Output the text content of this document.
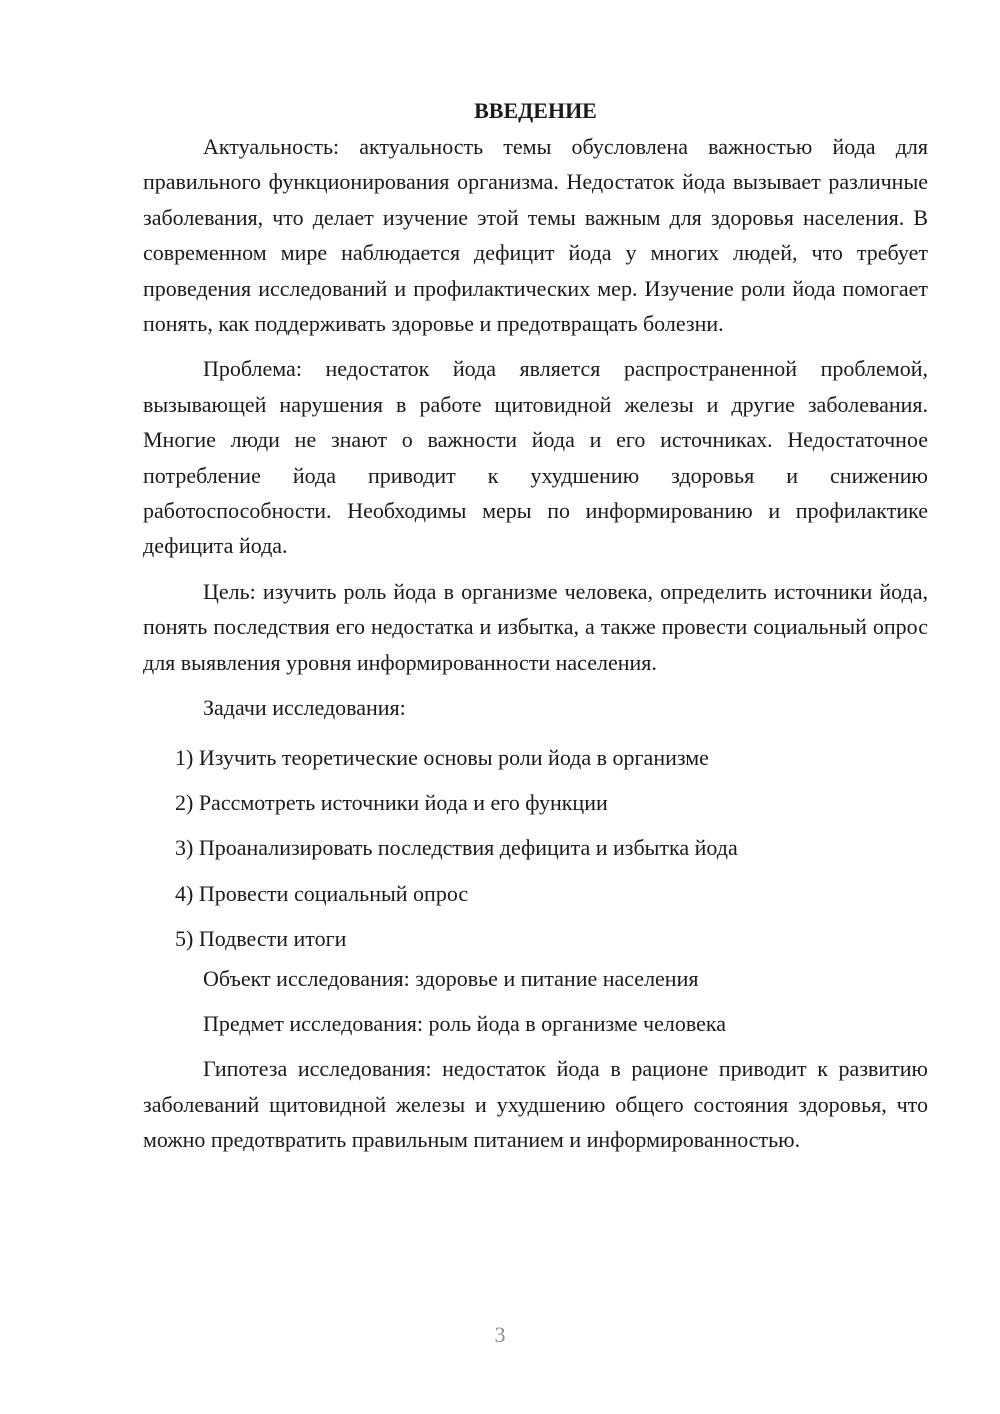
ВВЕДЕНИЕ

Актуальность: актуальность темы обусловлена важностью йода для правильного функционирования организма. Недостаток йода вызывает различные заболевания, что делает изучение этой темы важным для здоровья населения. В современном мире наблюдается дефицит йода у многих людей, что требует проведения исследований и профилактических мер. Изучение роли йода помогает понять, как поддерживать здоровье и предотвращать болезни.

Проблема: недостаток йода является распространенной проблемой, вызывающей нарушения в работе щитовидной железы и другие заболевания. Многие люди не знают о важности йода и его источниках. Недостаточное потребление йода приводит к ухудшению здоровья и снижению работоспособности. Необходимы меры по информированию и профилактике дефицита йода.

Цель: изучить роль йода в организме человека, определить источники йода, понять последствия его недостатка и избытка, а также провести социальный опрос для выявления уровня информированности населения.

Задачи исследования:

1) Изучить теоретические основы роли йода в организме
2) Рассмотреть источники йода и его функции
3) Проанализировать последствия дефицита и избытка йода
4) Провести социальный опрос
5) Подвести итоги

Объект исследования: здоровье и питание населения

Предмет исследования: роль йода в организме человека

Гипотеза исследования: недостаток йода в рационе приводит к развитию заболеваний щитовидной железы и ухудшению общего состояния здоровья, что можно предотвратить правильным питанием и информированностью.

3
